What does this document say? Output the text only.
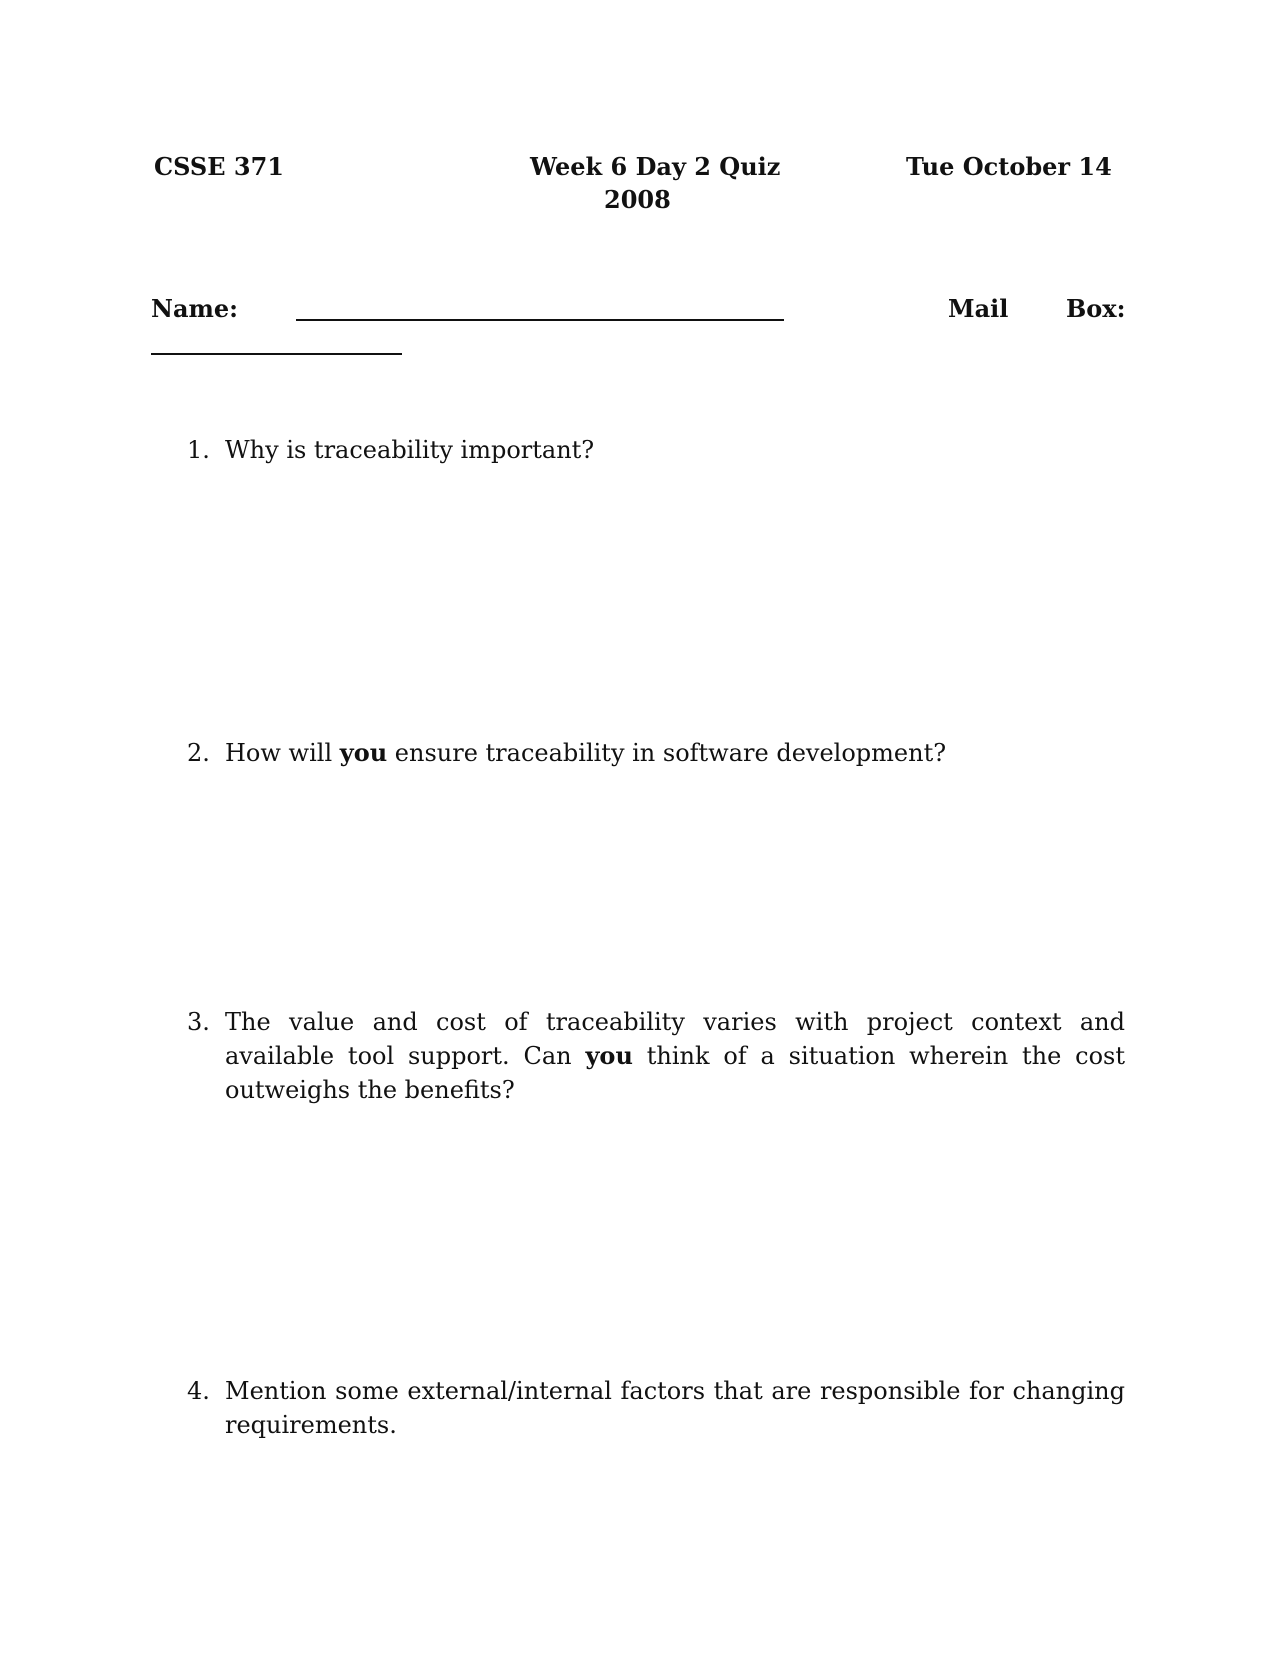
CSSE 371	Week 6 Day 2 Quiz	Tue October 14
2008
Name:	Mail Box:
1. Why is traceability important?
2. How will you ensure traceability in software development?
3. The value and cost of traceability varies with project context and available tool support. Can you think of a situation wherein the cost outweighs the benefits?
4. Mention some external/internal factors that are responsible for changing requirements.
